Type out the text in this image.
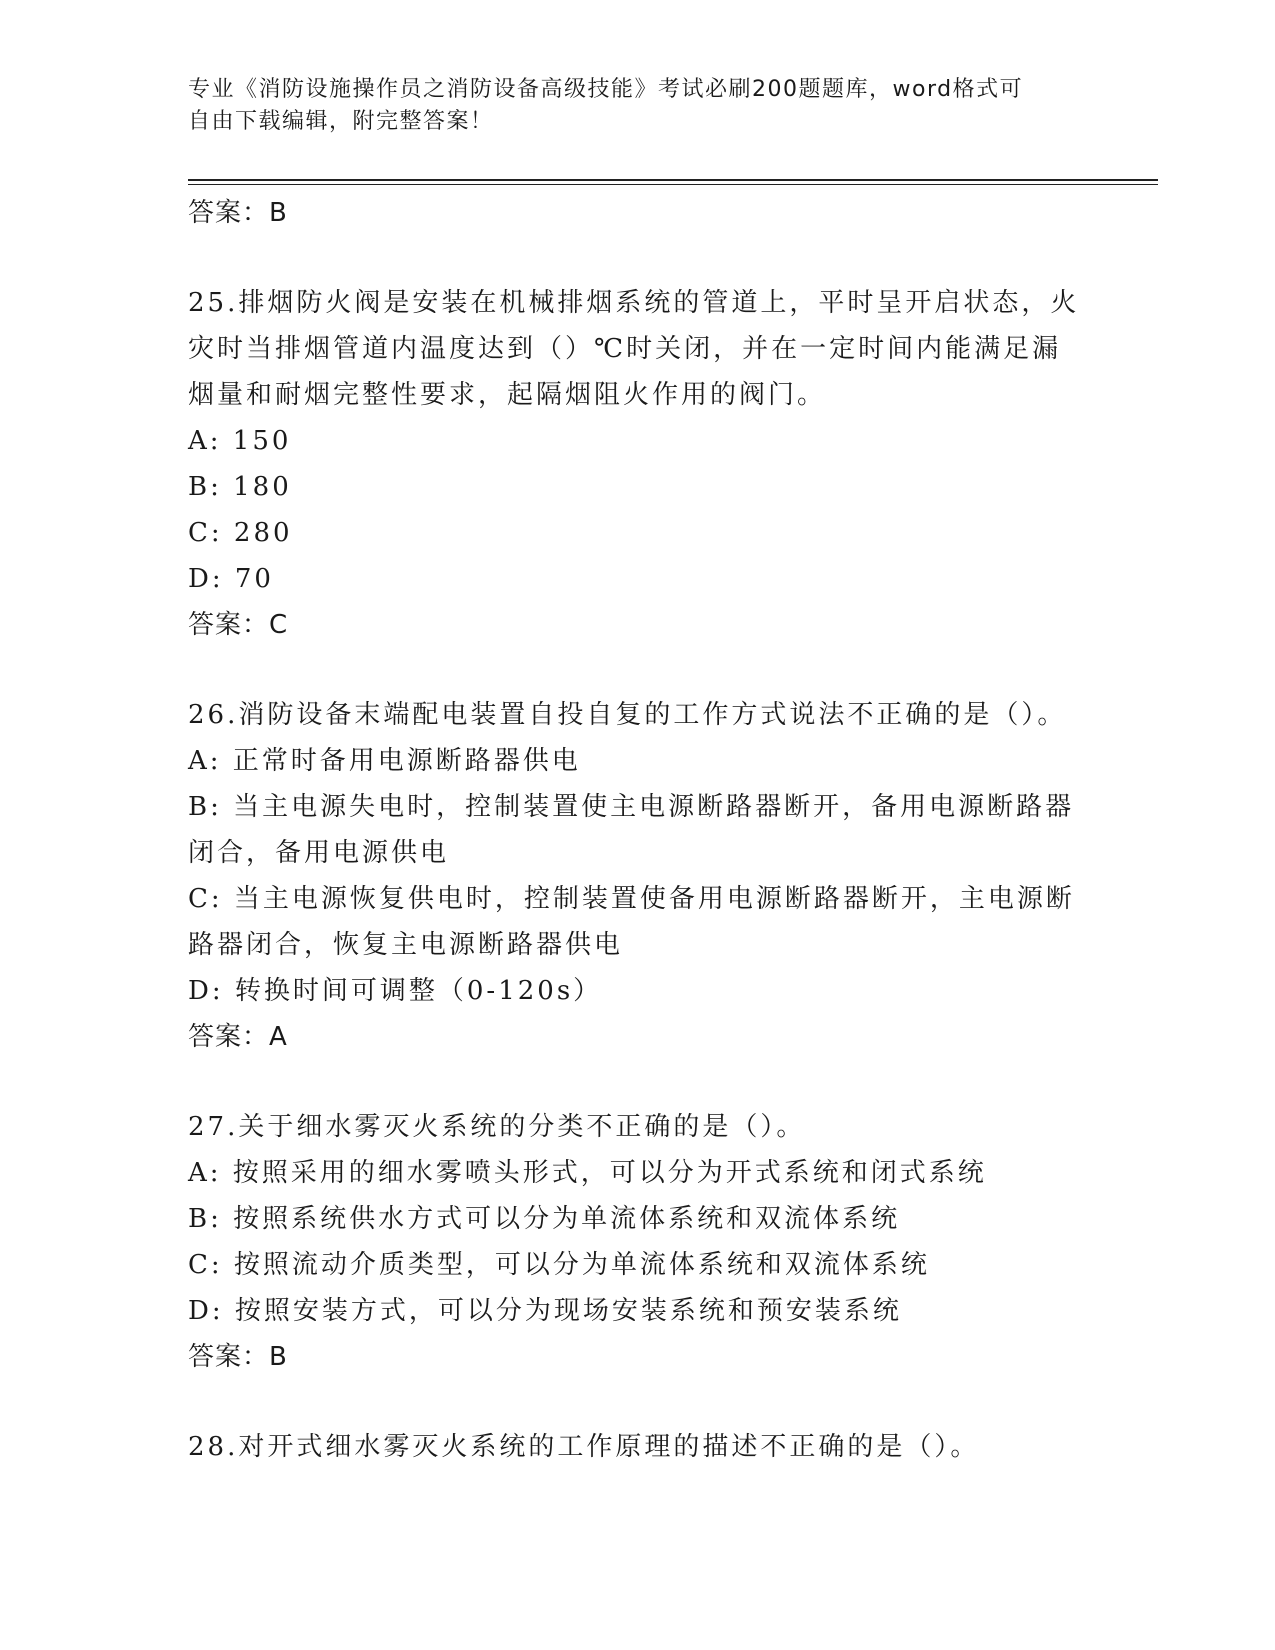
专业《消防设施操作员之消防设备高级技能》考试必刷200题题库，word格式可
自由下载编辑，附完整答案！
答案：B
25.排烟防火阀是安装在机械排烟系统的管道上，平时呈开启状态，火灾时当排烟管道内温度达到（）℃时关闭，并在一定时间内能满足漏烟量和耐烟完整性要求，起隔烟阻火作用的阀门。
A: 150
B: 180
C: 280
D: 70
答案：C
26.消防设备末端配电装置自投自复的工作方式说法不正确的是（）。
A: 正常时备用电源断路器供电
B: 当主电源失电时，控制装置使主电源断路器断开，备用电源断路器闭合，备用电源供电
C: 当主电源恢复供电时，控制装置使备用电源断路器断开，主电源断路器闭合，恢复主电源断路器供电
D: 转换时间可调整（0-120s）
答案：A
27.关于细水雾灭火系统的分类不正确的是（）。
A: 按照采用的细水雾喷头形式，可以分为开式系统和闭式系统
B: 按照系统供水方式可以分为单流体系统和双流体系统
C: 按照流动介质类型，可以分为单流体系统和双流体系统
D: 按照安装方式，可以分为现场安装系统和预安装系统
答案：B
28.对开式细水雾灭火系统的工作原理的描述不正确的是（）。
